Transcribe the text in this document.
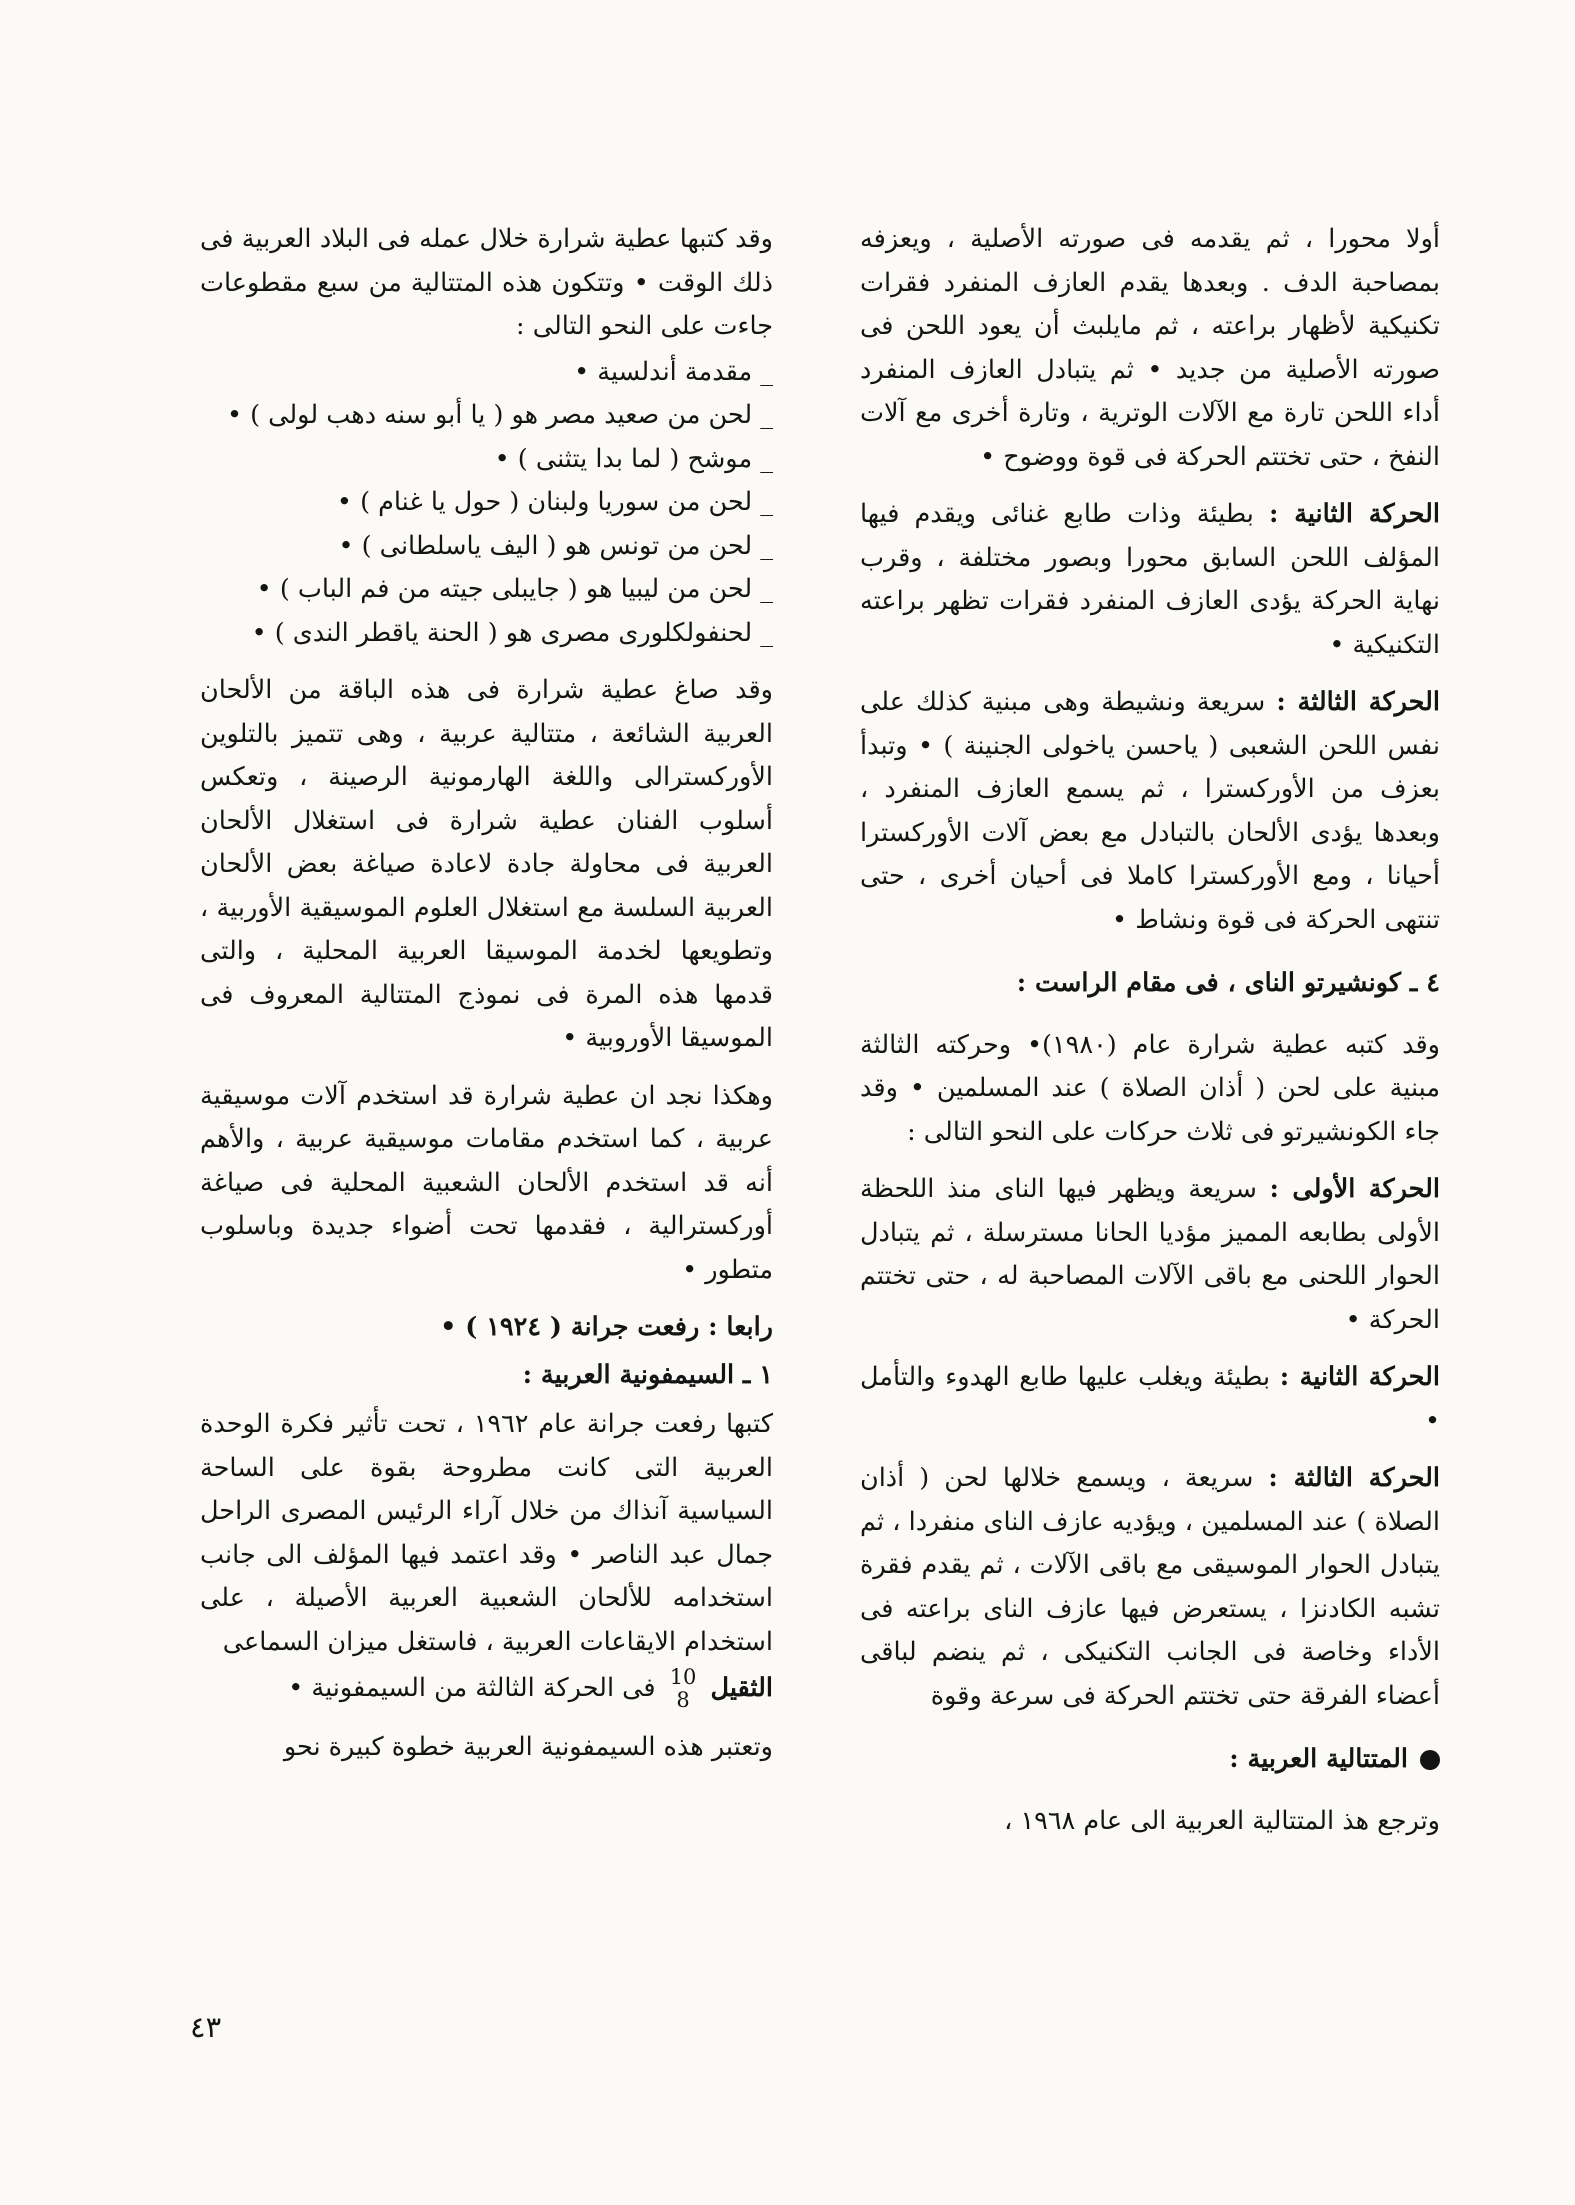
أولا محورا ، ثم يقدمه فى صورته الأصلية ، ويعزفه بمصاحبة الدف . وبعدها يقدم العازف المنفرد فقرات تكنيكية لأظهار براعته ، ثم مايلبث أن يعود اللحن فى صورته الأصلية من جديد • ثم يتبادل العازف المنفرد أداء اللحن تارة مع الآلات الوترية ، وتارة أخرى مع آلات النفخ ، حتى تختتم الحركة فى قوة ووضوح •

الحركة الثانية : بطيئة وذات طابع غنائى ويقدم فيها المؤلف اللحن السابق محورا وبصور مختلفة ، وقرب نهاية الحركة يؤدى العازف المنفرد فقرات تظهر براعته التكنيكية •

الحركة الثالثة : سريعة ونشيطة وهى مبنية كذلك على نفس اللحن الشعبى ( ياحسن ياخولى الجنينة ) • وتبدأ بعزف من الأوركسترا ، ثم يسمع العازف المنفرد ، وبعدها يؤدى الألحان بالتبادل مع بعض آلات الأوركسترا أحيانا ، ومع الأوركسترا كاملا فى أحيان أخرى ، حتى تنتهى الحركة فى قوة ونشاط •

٤ ـ كونشيرتو الناى ، فى مقام الراست :

وقد كتبه عطية شرارة عام (١٩٨٠)• وحركته الثالثة مبنية على لحن ( أذان الصلاة ) عند المسلمين • وقد جاء الكونشيرتو فى ثلاث حركات على النحو التالى :

الحركة الأولى : سريعة ويظهر فيها الناى منذ اللحظة الأولى بطابعه المميز مؤديا الحانا مسترسلة ، ثم يتبادل الحوار اللحنى مع باقى الآلات المصاحبة له ، حتى تختتم الحركة •

الحركة الثانية : بطيئة ويغلب عليها طابع الهدوء والتأمل •

الحركة الثالثة : سريعة ، ويسمع خلالها لحن ( أذان الصلاة ) عند المسلمين ، ويؤديه عازف الناى منفردا ، ثم يتبادل الحوار الموسيقى مع باقى الآلات ، ثم يقدم فقرة تشبه الكادنزا ، يستعرض فيها عازف الناى براعته فى الأداء وخاصة فى الجانب التكنيكى ، ثم ينضم لباقى أعضاء الفرقة حتى تختتم الحركة فى سرعة وقوة

المتتالية العربية :

وترجع هذ المتتالية العربية الى عام ١٩٦٨ ،

وقد كتبها عطية شرارة خلال عمله فى البلاد العربية فى ذلك الوقت • وتتكون هذه المتتالية من سبع مقطوعات جاءت على النحو التالى :

_ مقدمة أندلسية •
_ لحن من صعيد مصر هو ( يا أبو سنه دهب لولى ) •
_ موشح ( لما بدا يتثنى ) •
_ لحن من سوريا ولبنان ( حول يا غنام ) •
_ لحن من تونس هو ( اليف ياسلطانى ) •
_ لحن من ليبيا هو ( جايبلى جيته من فم الباب ) •
_ لحنفولكلورى مصرى هو ( الحنة ياقطر الندى ) •

وقد صاغ عطية شرارة فى هذه الباقة من الألحان العربية الشائعة ، متتالية عربية ، وهى تتميز بالتلوين الأوركسترالى واللغة الهارمونية الرصينة ، وتعكس أسلوب الفنان عطية شرارة فى استغلال الألحان العربية فى محاولة جادة لاعادة صياغة بعض الألحان العربية السلسة مع استغلال العلوم الموسيقية الأوربية ، وتطويعها لخدمة الموسيقا العربية المحلية ، والتى قدمها هذه المرة فى نموذج المتتالية المعروف فى الموسيقا الأوروبية •

وهكذا نجد ان عطية شرارة قد استخدم آلات موسيقية عربية ، كما استخدم مقامات موسيقية عربية ، والأهم أنه قد استخدم الألحان الشعبية المحلية فى صياغة أوركسترالية ، فقدمها تحت أضواء جديدة وباسلوب متطور •

رابعا : رفعت جرانة ( ١٩٢٤ ) •

١ ـ السيمفونية العربية :

كتبها رفعت جرانة عام ١٩٦٢ ، تحت تأثير فكرة الوحدة العربية التى كانت مطروحة بقوة على الساحة السياسية آنذاك من خلال آراء الرئيس المصرى الراحل جمال عبد الناصر • وقد اعتمد فيها المؤلف الى جانب استخدامه للألحان الشعبية العربية الأصيلة ، على استخدام الايقاعات العربية ، فاستغل ميزان السماعى

الثقيل
10
8
فى الحركة الثالثة من السيمفونية •

وتعتبر هذه السيمفونية العربية خطوة كبيرة نحو

٤٣
